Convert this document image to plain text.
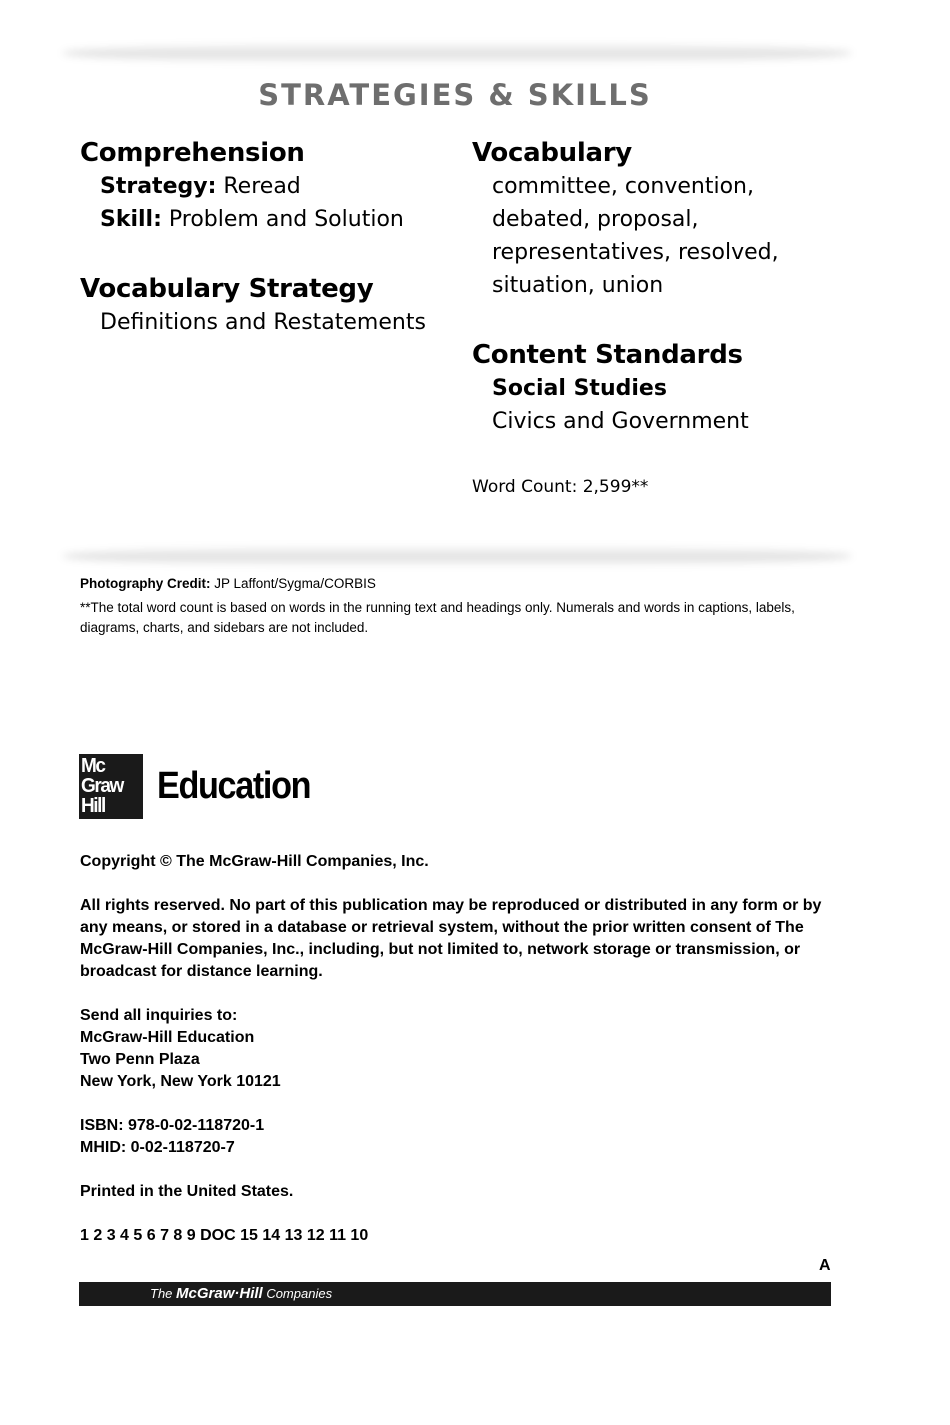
STRATEGIES & SKILLS
Comprehension
Strategy: Reread
Skill: Problem and Solution
Vocabulary Strategy
Definitions and Restatements
Vocabulary
committee, convention,
debated, proposal,
representatives, resolved,
situation, union
Content Standards
Social Studies
Civics and Government
Word Count: 2,599**
Photography Credit: JP Laffont/Sygma/CORBIS
**The total word count is based on words in the running text and headings only. Numerals and words in captions, labels, diagrams, charts, and sidebars are not included.
Mc
Graw
Hill	Education
Copyright © The McGraw-Hill Companies, Inc.
All rights reserved. No part of this publication may be reproduced or distributed in any form or by any means, or stored in a database or retrieval system, without the prior written consent of The McGraw-Hill Companies, Inc., including, but not limited to, network storage or transmission, or broadcast for distance learning.

Send all inquiries to:

McGraw-Hill Education

Two Penn Plaza

New York, New York 10121

ISBN: 978-0-02-118720-1

MHID: 0-02-118720-7

Printed in the United States.
1 2 3 4 5 6 7 8 9 DOC 15 14 13 12 11 10
A
The McGraw·Hill Companies
